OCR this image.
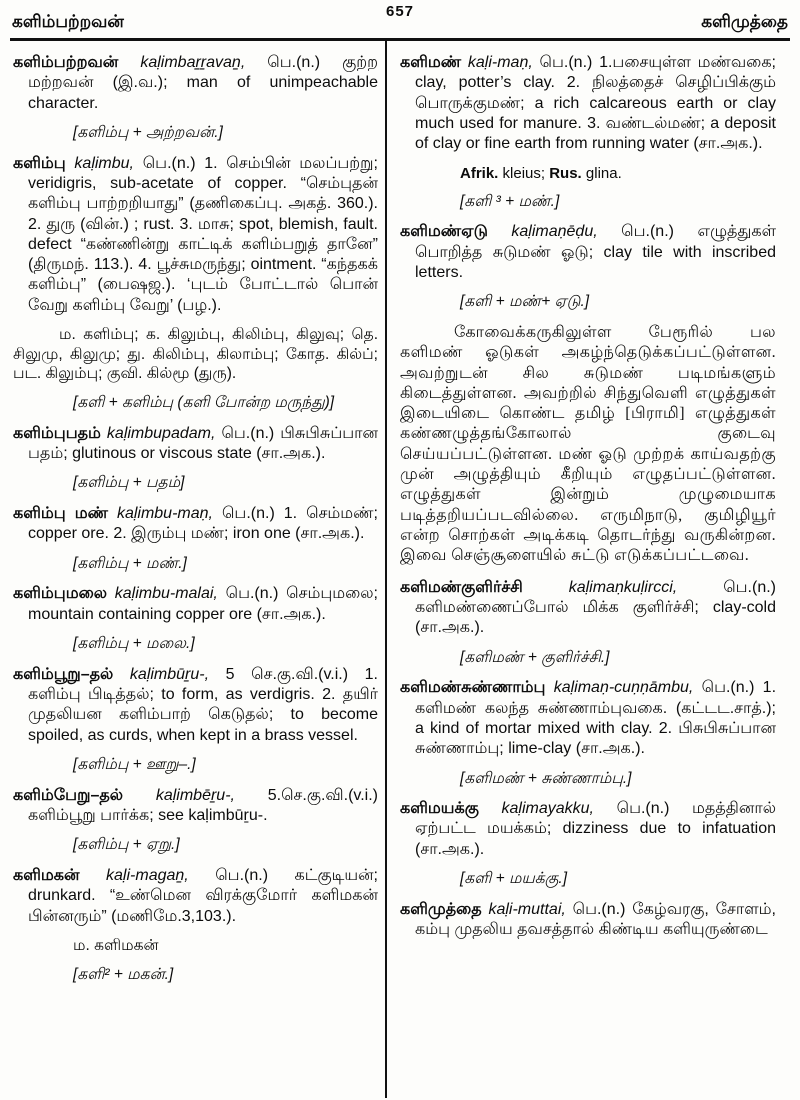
களிம்பற்றவன்
657
களிமுத்தை

களிம்பற்றவன் kaḷimbaṟṟavaṉ, பெ.(n.) குற்ற மற்றவன் (இ.வ.); man of unimpeachable character.

[களிம்பு + அற்றவன்.]

களிம்பு kaḷimbu, பெ.(n.) 1. செம்பின் மலப்பற்று; veridigris, sub-acetate of copper. “செம்புதன் களிம்பு பாற்றறியாது” (தணிகைப்பு. அகத். 360.). 2. துரு (வின்.) ; rust. 3. மாசு; spot, blemish, fault. defect “கண்ணின்று காட்டிக் களிம்பறுத் தானே” (திருமந். 113.). 4. பூச்சுமருந்து; ointment. “கந்தகக் களிம்பு” (பைஷஜ.). ‘புடம் போட்டால் பொன் வேறு களிம்பு வேறு’ (பழ.).

ம. களிம்பு; க. கிலும்பு, கிலிம்பு, கிலுவு; தெ. சிலுமு, கிலுமு; து. கிலிம்பு, கிலாம்பு; கோத. கில்ப்; பட. கிலும்பு; குவி. கில்மூ (துரு).

[களி + களிம்பு (களி போன்ற மருந்து)]

களிம்புபதம் kaḷimbupadam, பெ.(n.) பிசுபிசுப்பான பதம்; glutinous or viscous state (சா.அக.).

[களிம்பு + பதம்]

களிம்பு மண் kaḷimbu-maṇ, பெ.(n.) 1. செம்மண்; copper ore. 2. இரும்பு மண்; iron one (சா.அக.).

[களிம்பு + மண்.]

களிம்புமலை kaḷimbu-malai, பெ.(n.) செம்புமலை; mountain containing copper ore (சா.அக.).

[களிம்பு + மலை.]

களிம்பூறு–தல் kaḷimbūṟu-, 5 செ.கு.வி.(v.i.) 1. களிம்பு பிடித்தல்; to form, as verdigris. 2. தயிர் முதலியன களிம்பாற் கெடுதல்; to become spoiled, as curds, when kept in a brass vessel.

[களிம்பு + ஊறு–.]

களிம்பேறு–தல் kaḷimbēṟu-, 5.செ.கு.வி.(v.i.) களிம்பூறு பார்க்க; see kaḷimbūṟu-.

[களிம்பு + ஏறு.]

களிமகன் kaḷi-magaṉ, பெ.(n.) கட்குடியன்; drunkard. “உண்மென விரக்குமோர் களிமகன் பின்னரும்” (மணிமே.3,103.).

ம. களிமகன்

[களி² + மகன்.]

களிமண் kaḷi-maṇ, பெ.(n.) 1.பசையுள்ள மண்வகை; clay, potter’s clay. 2. நிலத்தைச் செழிப்பிக்கும் பொருக்குமண்; a rich calcareous earth or clay much used for manure. 3. வண்டல்மண்; a deposit of clay or fine earth from running water (சா.அக.).

Afrik. kleius; Rus. glina.

[களி ³ + மண்.]

களிமண்ஏடு kaḷimaṇēḍu, பெ.(n.) எழுத்துகள் பொறித்த சுடுமண் ஓடு; clay tile with inscribed letters.

[களி + மண்+ ஏடு.]

கோவைக்கருகிலுள்ள பேரூரில் பல களிமண் ஓடுகள் அகழ்ந்தெடுக்கப்பட்டுள்ளன. அவற்றுடன் சில சுடுமண் படிமங்களும் கிடைத்துள்ளன. அவற்றில் சிந்துவெளி எழுத்துகள் இடையிடை கொண்ட தமிழ் [பிராமி] எழுத்துகள் கண்ணழுத்தங்கோலால் குடைவு செய்யப்பட்டுள்ளன. மண் ஓடு முற்றக் காய்வதற்கு முன் அழுத்தியும் கீறியும் எழுதப்பட்டுள்ளன. எழுத்துகள் இன்றும் முழுமையாக படித்தறியப்படவில்லை. எருமிநாடு, குமிழியூர் என்ற சொற்கள் அடிக்கடி தொடர்ந்து வருகின்றன. இவை செஞ்சூளையில் சுட்டு எடுக்கப்பட்டவை.

களிமண்குளிர்ச்சி	kaḷimaṇkuḷircci,	பெ.(n.) களிமண்ணைப்போல் மிக்க குளிர்ச்சி; clay-cold (சா.அக.).

[களிமண் + குளிர்ச்சி.]

களிமண்சுண்ணாம்பு kaḷimaṇ-cuṇṇāmbu, பெ.(n.) 1. களிமண் கலந்த சுண்ணாம்புவகை. (கட்டட.சாத்.); a kind of mortar mixed with clay. 2. பிசுபிசுப்பான சுண்ணாம்பு; lime-clay (சா.அக.).

[களிமண் + சுண்ணாம்பு.]

களிமயக்கு kaḷimayakku, பெ.(n.) மதத்தினால் ஏற்பட்ட மயக்கம்; dizziness due to infatuation (சா.அக.).

[களி + மயக்கு.]

களிமுத்தை kaḷi-muttai, பெ.(n.) கேழ்வரகு, சோளம், கம்பு முதலிய தவசத்தால் கிண்டிய களியுருண்டை
